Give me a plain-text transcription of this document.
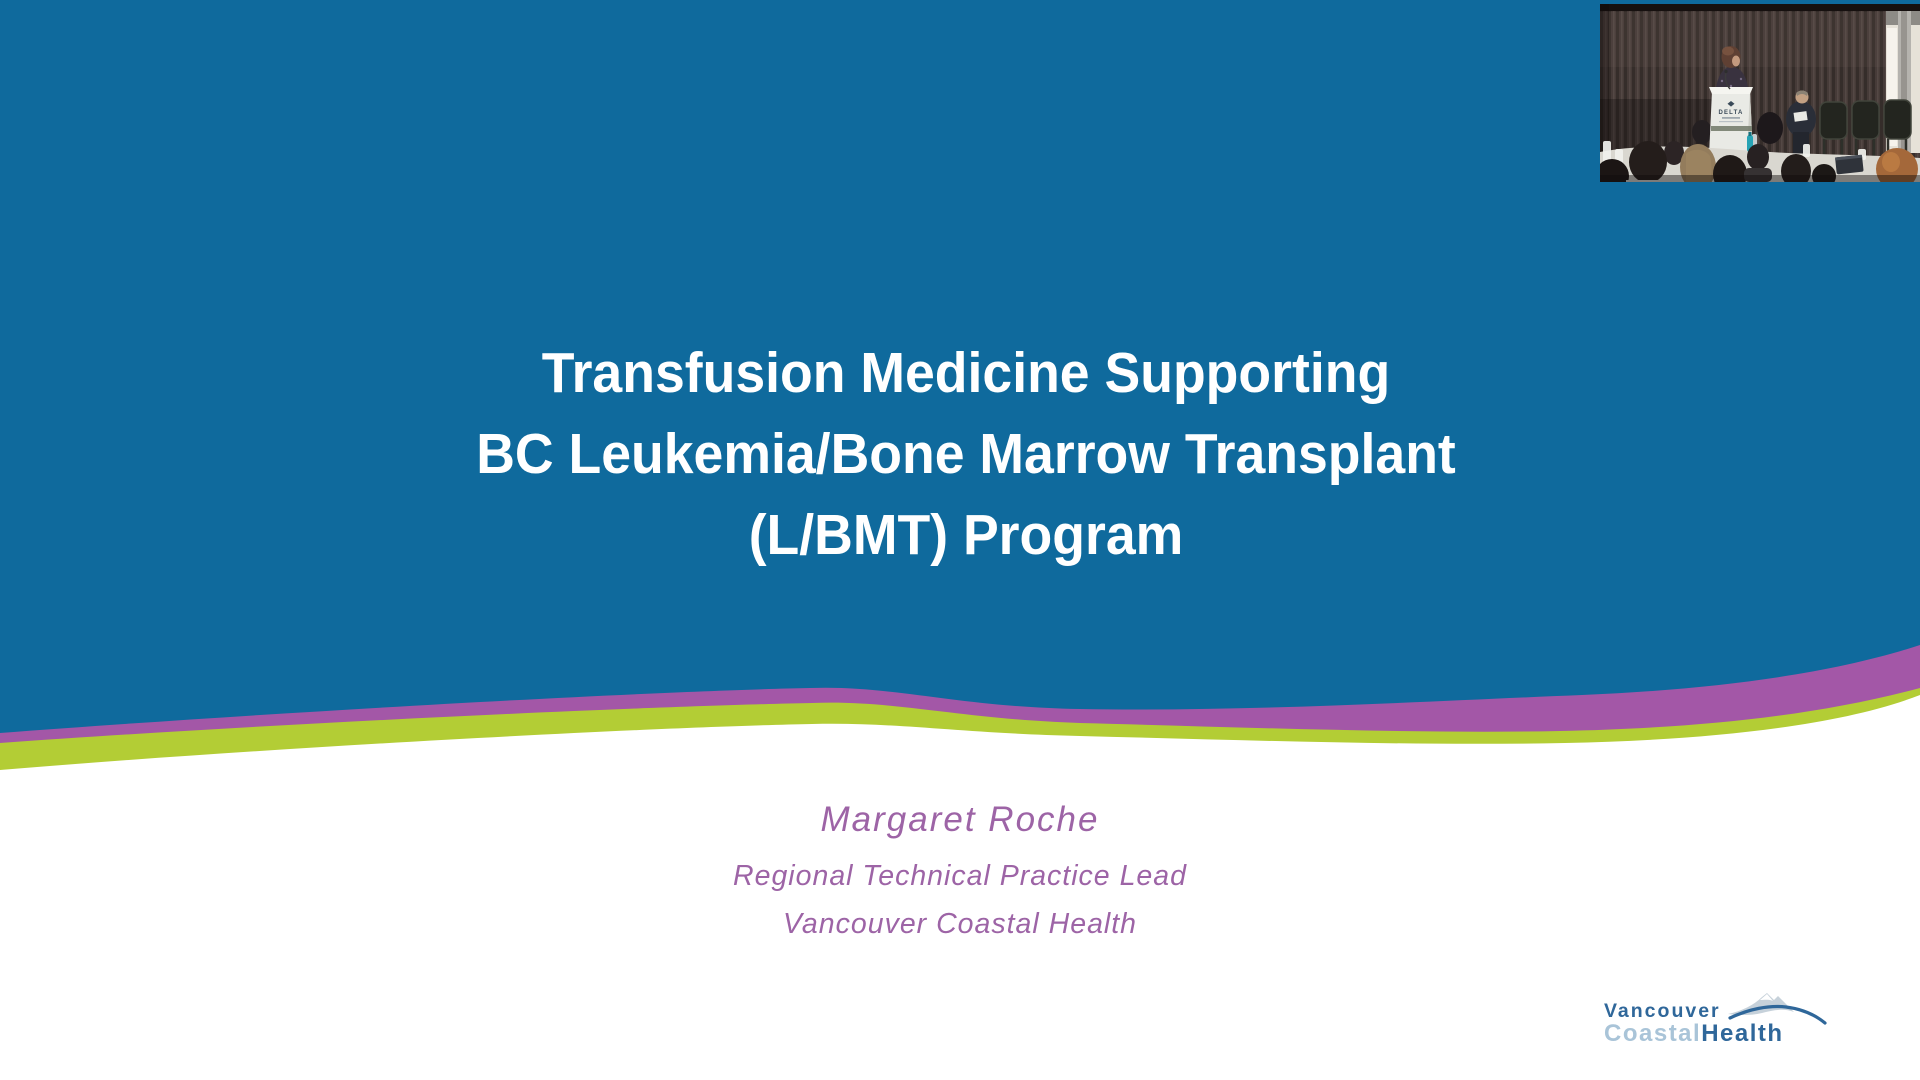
Transfusion Medicine Supporting
BC Leukemia/Bone Marrow Transplant
(L/BMT) Program
Margaret Roche
Regional Technical Practice Lead
Vancouver Coastal Health
Vancouver
CoastalHealth
DELTA
